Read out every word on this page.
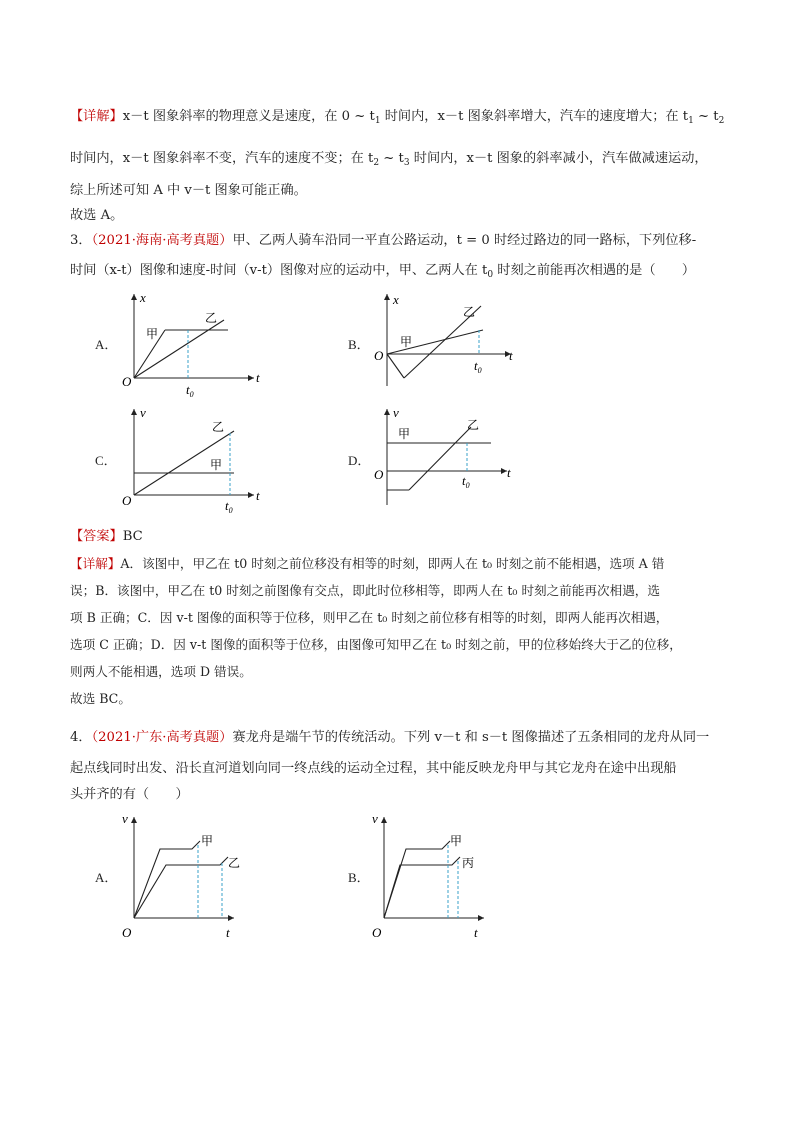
【详解】x－t 图象斜率的物理意义是速度，在 0 ~ $t_1$ 时间内，x－t 图象斜率增大，汽车的速度增大；在 $t_1$ ~ $t_2$
时间内，x－t 图象斜率不变，汽车的速度不变；在 $t_2$ ~ $t_3$ 时间内，x－t 图象的斜率减小，汽车做减速运动，
综上所述可知 A 中 v－t 图象可能正确。
故选 A。
3．（2021·海南·高考真题）甲、乙两人骑车沿同一平直公路运动，t = 0 时经过路边的同一路标，下列位移-
时间（x-t）图像和速度-时间（v-t）图像对应的运动中，甲、乙两人在 $t_0$ 时刻之前能再次相遇的是（　　）
A．	B．
C．	D．
x
t
O
$t_0$
甲
乙
x
t
O
$t_0$
甲
乙
v
t
O	$t_0$
甲
乙
v
t
O	$t_0$
甲
乙
【答案】BC
【详解】A．该图中，甲乙在 t0 时刻之前位移没有相等的时刻，即两人在 t₀ 时刻之前不能相遇，选项 A 错
误；B．该图中，甲乙在 t0 时刻之前图像有交点，即此时位移相等，即两人在 t₀ 时刻之前能再次相遇，选
项 B 正确；C．因 v-t 图像的面积等于位移，则甲乙在 t₀ 时刻之前位移有相等的时刻，即两人能再次相遇，
选项 C 正确；D．因 v-t 图像的面积等于位移，由图像可知甲乙在 t₀ 时刻之前，甲的位移始终大于乙的位移，
则两人不能相遇，选项 D 错误。
故选 BC。
4．（2021·广东·高考真题）赛龙舟是端午节的传统活动。下列 v－t 和 s－t 图像描述了五条相同的龙舟从同一
起点线同时出发、沿长直河道划向同一终点线的运动全过程，其中能反映龙舟甲与其它龙舟在途中出现船
头并齐的有（　　）
A．	B．
v
t
O
甲
乙
v
t
O
甲
丙
